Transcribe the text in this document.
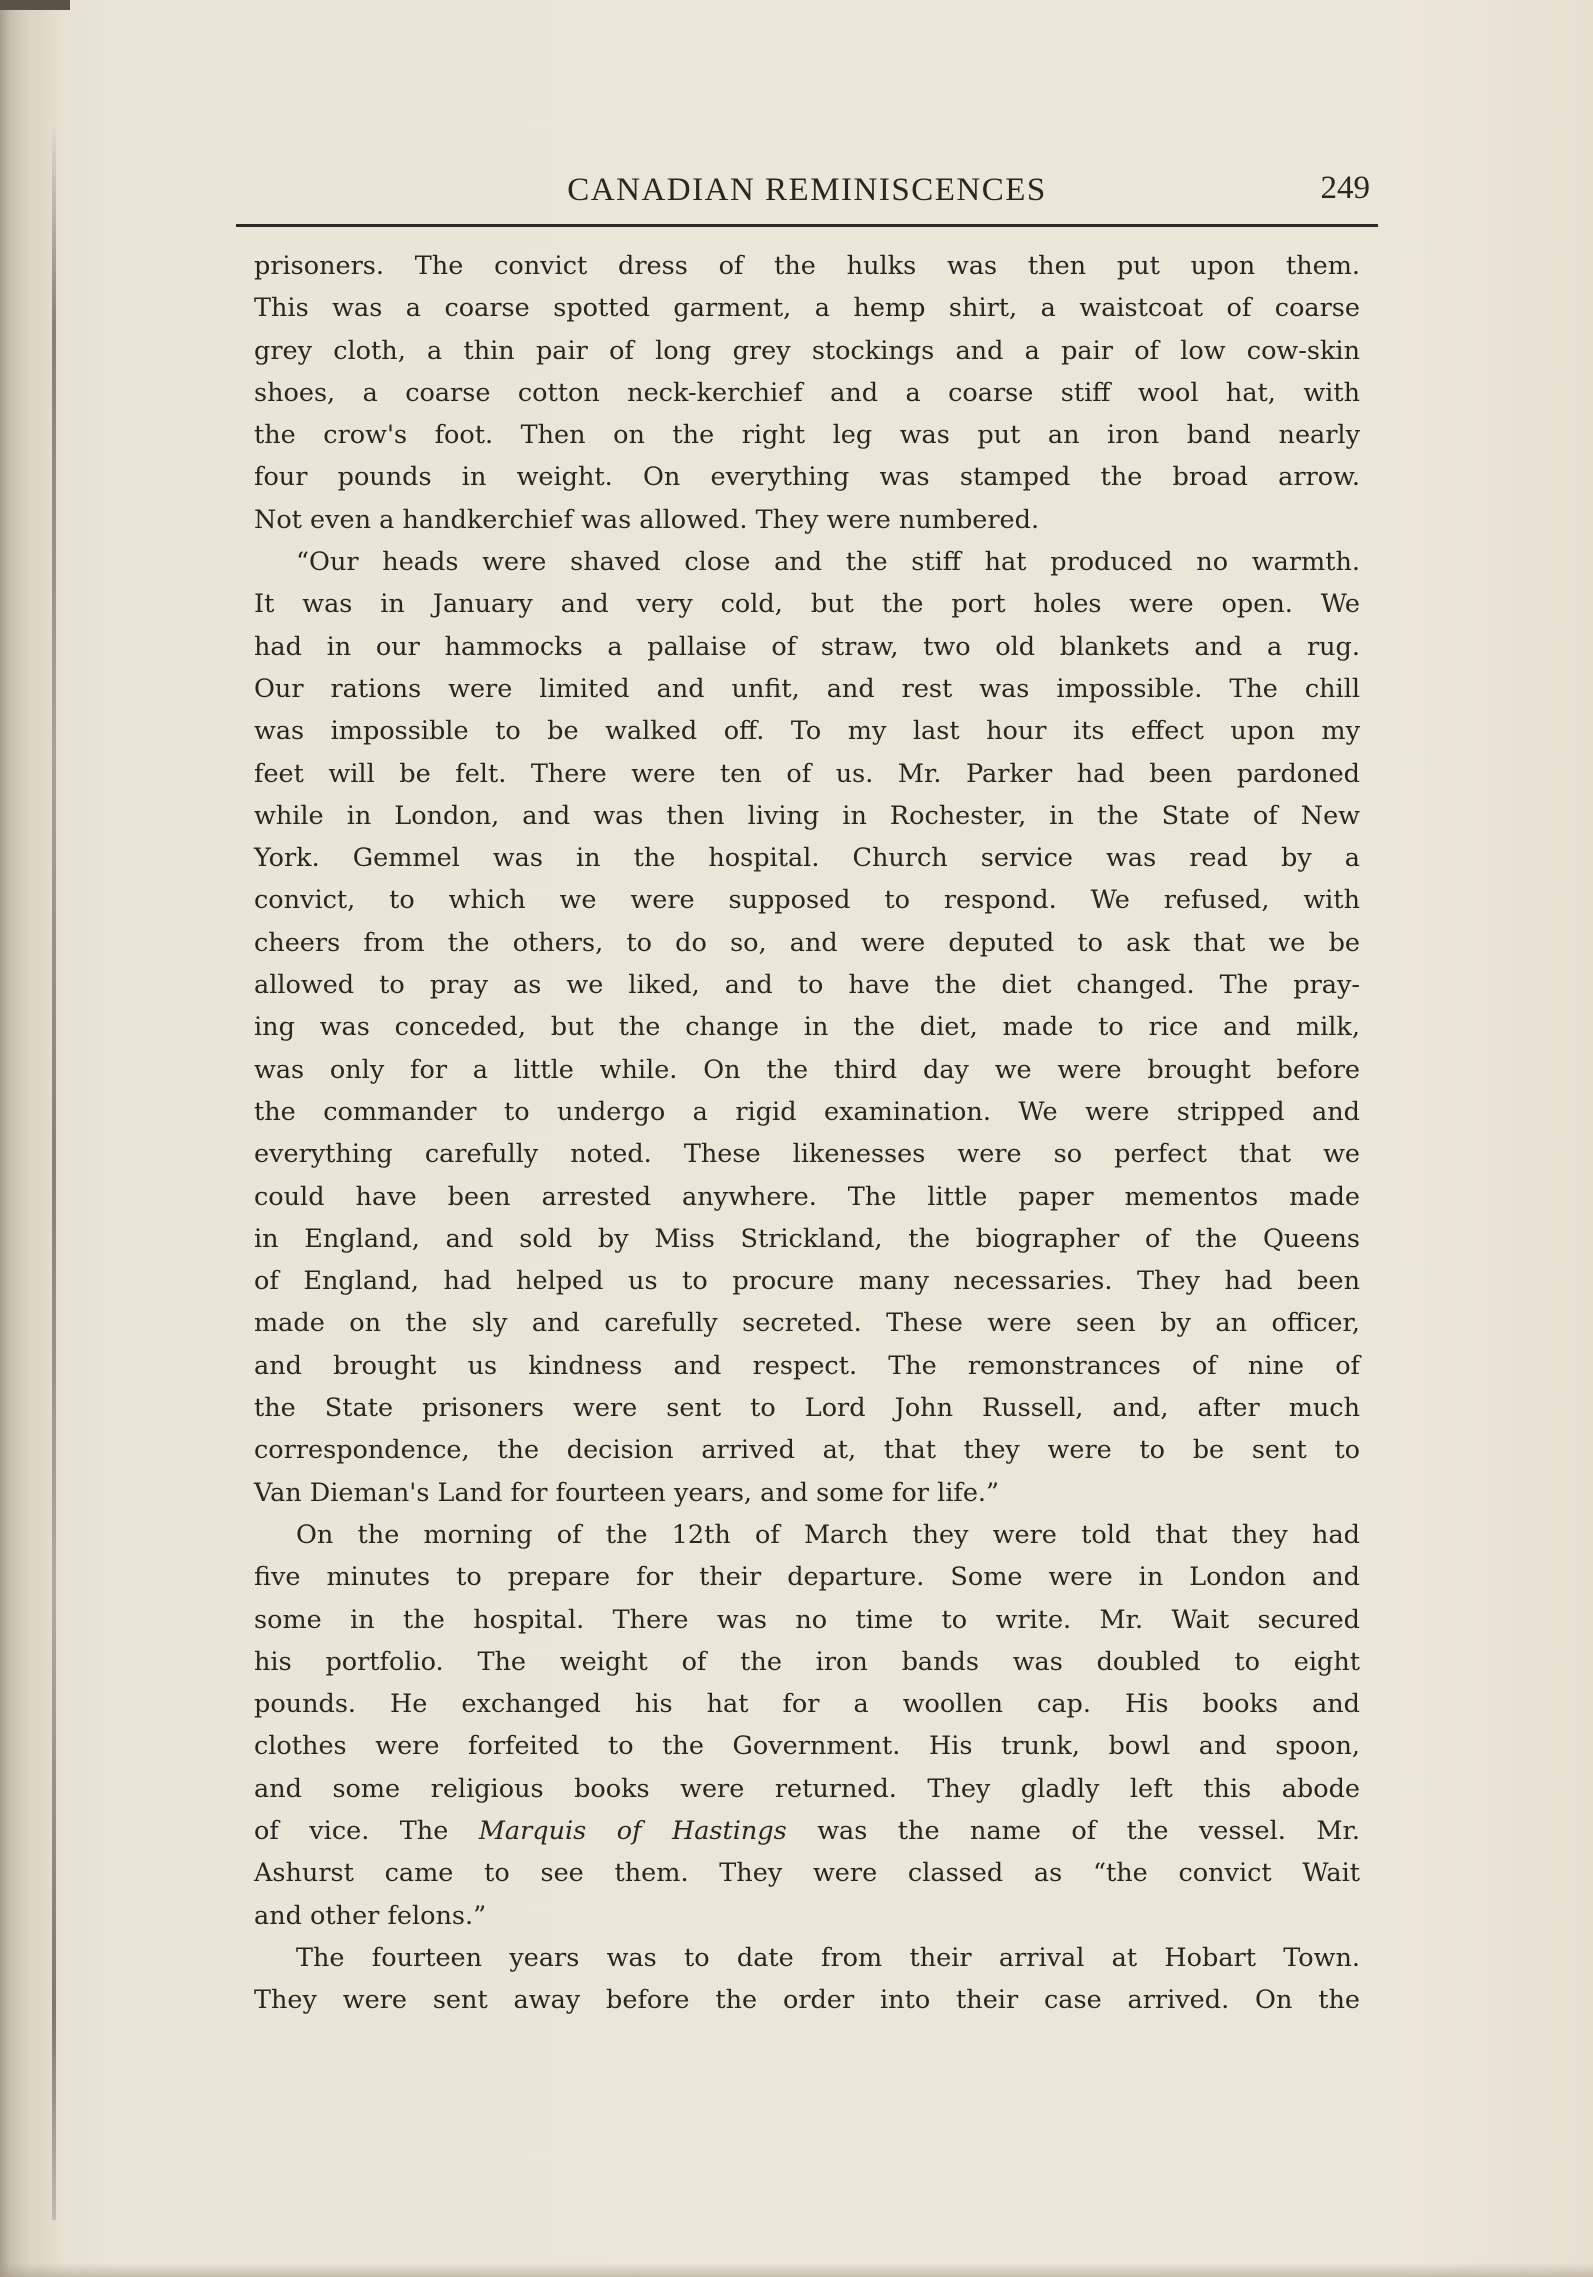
CANADIAN REMINISCENCES	249
prisoners. The convict dress of the hulks was then put upon them.
This was a coarse spotted garment, a hemp shirt, a waistcoat of coarse
grey cloth, a thin pair of long grey stockings and a pair of low cow-skin
shoes, a coarse cotton neck-kerchief and a coarse stiff wool hat, with
the crow's foot. Then on the right leg was put an iron band nearly
four pounds in weight. On everything was stamped the broad arrow.
Not even a handkerchief was allowed. They were numbered.
“Our heads were shaved close and the stiff hat produced no warmth.
It was in January and very cold, but the port holes were open. We
had in our hammocks a pallaise of straw, two old blankets and a rug.
Our rations were limited and unfit, and rest was impossible. The chill
was impossible to be walked off. To my last hour its effect upon my
feet will be felt. There were ten of us. Mr. Parker had been pardoned
while in London, and was then living in Rochester, in the State of New
York. Gemmel was in the hospital. Church service was read by a
convict, to which we were supposed to respond. We refused, with
cheers from the others, to do so, and were deputed to ask that we be
allowed to pray as we liked, and to have the diet changed. The pray-
ing was conceded, but the change in the diet, made to rice and milk,
was only for a little while. On the third day we were brought before
the commander to undergo a rigid examination. We were stripped and
everything carefully noted. These likenesses were so perfect that we
could have been arrested anywhere. The little paper mementos made
in England, and sold by Miss Strickland, the biographer of the Queens
of England, had helped us to procure many necessaries. They had been
made on the sly and carefully secreted. These were seen by an officer,
and brought us kindness and respect. The remonstrances of nine of
the State prisoners were sent to Lord John Russell, and, after much
correspondence, the decision arrived at, that they were to be sent to
Van Dieman's Land for fourteen years, and some for life.”
On the morning of the 12th of March they were told that they had
five minutes to prepare for their departure. Some were in London and
some in the hospital. There was no time to write. Mr. Wait secured
his portfolio. The weight of the iron bands was doubled to eight
pounds. He exchanged his hat for a woollen cap. His books and
clothes were forfeited to the Government. His trunk, bowl and spoon,
and some religious books were returned. They gladly left this abode
of vice. The Marquis of Hastings was the name of the vessel. Mr.
Ashurst came to see them. They were classed as “the convict Wait
and other felons.”
The fourteen years was to date from their arrival at Hobart Town.
They were sent away before the order into their case arrived. On the
